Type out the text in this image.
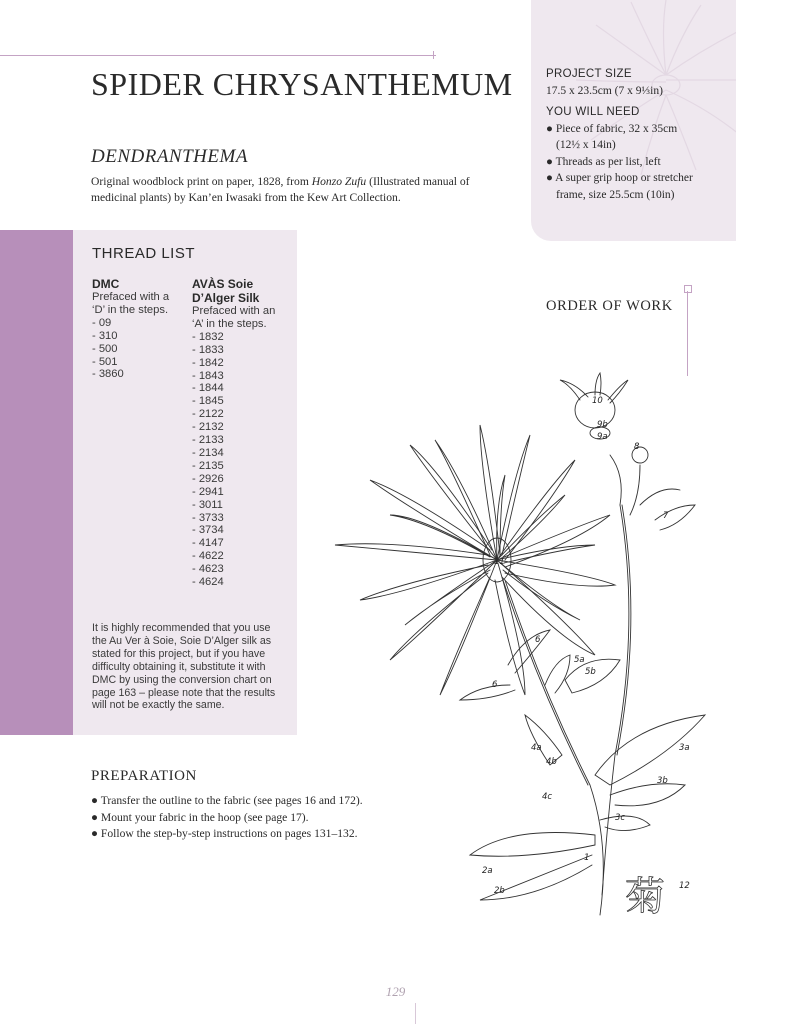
SPIDER CHRYSANTHEMUM
DENDRANTHEMA
Original woodblock print on paper, 1828, from Honzo Zufu (Illustrated manual of medicinal plants) by Kan’en Iwasaki from the Kew Art Collection.
PROJECT SIZE
17.5 x 23.5cm (7 x 9⅓in)
YOU WILL NEED
● Piece of fabric, 32 x 35cm
(12½ x 14in)
● Threads as per list, left
● A super grip hoop or stretcher
frame, size 25.5cm (10in)
THREAD LIST
DMC
Prefaced with a ‘D’ in the steps.
- 09
- 310
- 500
- 501
- 3860
AVÀS Soie D’Alger Silk
Prefaced with an ‘A’ in the steps.
- 1832
- 1833
- 1842
- 1843
- 1844
- 1845
- 2122
- 2132
- 2133
- 2134
- 2135
- 2926
- 2941
- 3011
- 3733
- 3734
- 4147
- 4622
- 4623
- 4624
It is highly recommended that you use the Au Ver à Soie, Soie D’Alger silk as stated for this project, but if you have difficulty obtaining it, substitute it with DMC by using the conversion chart on page 163 – please note that the results will not be exactly the same.
ORDER OF WORK
10
9b
9a
8
7
11
6
6
5a
5b
4a
4b
4c
3a
3b
3c
2a
2b
1
12
菊
PREPARATION
● Transfer the outline to the fabric (see pages 16 and 172).
● Mount your fabric in the hoop (see page 17).
● Follow the step-by-step instructions on pages 131–132.
129
